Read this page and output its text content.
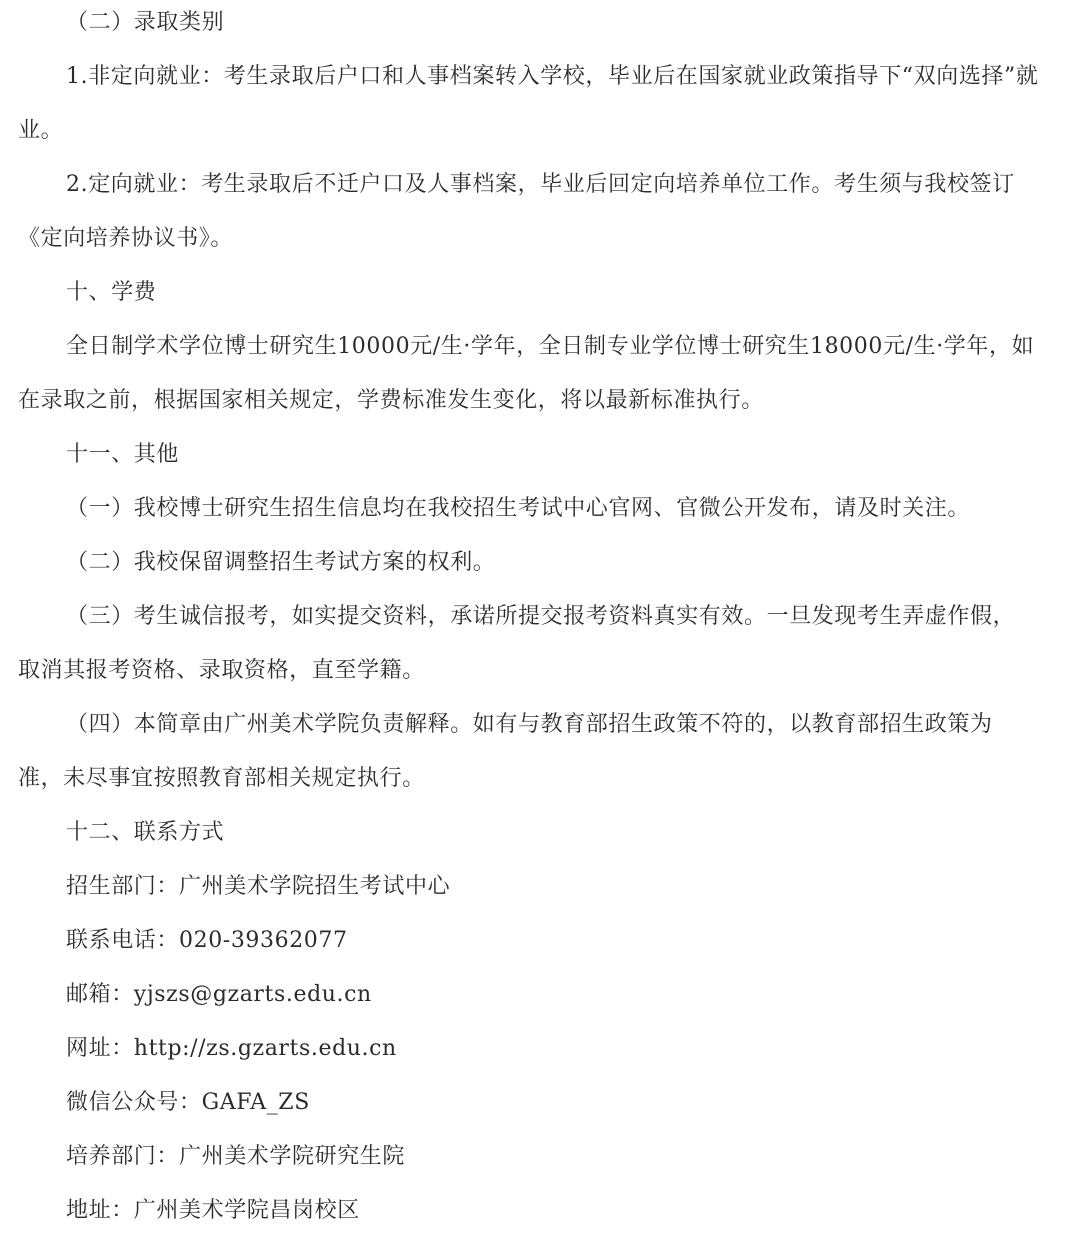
（二）录取类别
1.非定向就业：考生录取后户口和人事档案转入学校，毕业后在国家就业政策指导下“双向选择”就
业。
2.定向就业：考生录取后不迁户口及人事档案，毕业后回定向培养单位工作。考生须与我校签订
《定向培养协议书》。
十、学费
全日制学术学位博士研究生10000元/生·学年，全日制专业学位博士研究生18000元/生·学年，如
在录取之前，根据国家相关规定，学费标准发生变化，将以最新标准执行。
十一、其他
（一）我校博士研究生招生信息均在我校招生考试中心官网、官微公开发布，请及时关注。
（二）我校保留调整招生考试方案的权利。
（三）考生诚信报考，如实提交资料，承诺所提交报考资料真实有效。一旦发现考生弄虚作假，
取消其报考资格、录取资格，直至学籍。
（四）本简章由广州美术学院负责解释。如有与教育部招生政策不符的，以教育部招生政策为
准，未尽事宜按照教育部相关规定执行。
十二、联系方式
招生部门：广州美术学院招生考试中心
联系电话：020-39362077
邮箱：yjszs@gzarts.edu.cn
网址：http://zs.gzarts.edu.cn
微信公众号：GAFA_ZS
培养部门：广州美术学院研究生院
地址：广州美术学院昌岗校区
